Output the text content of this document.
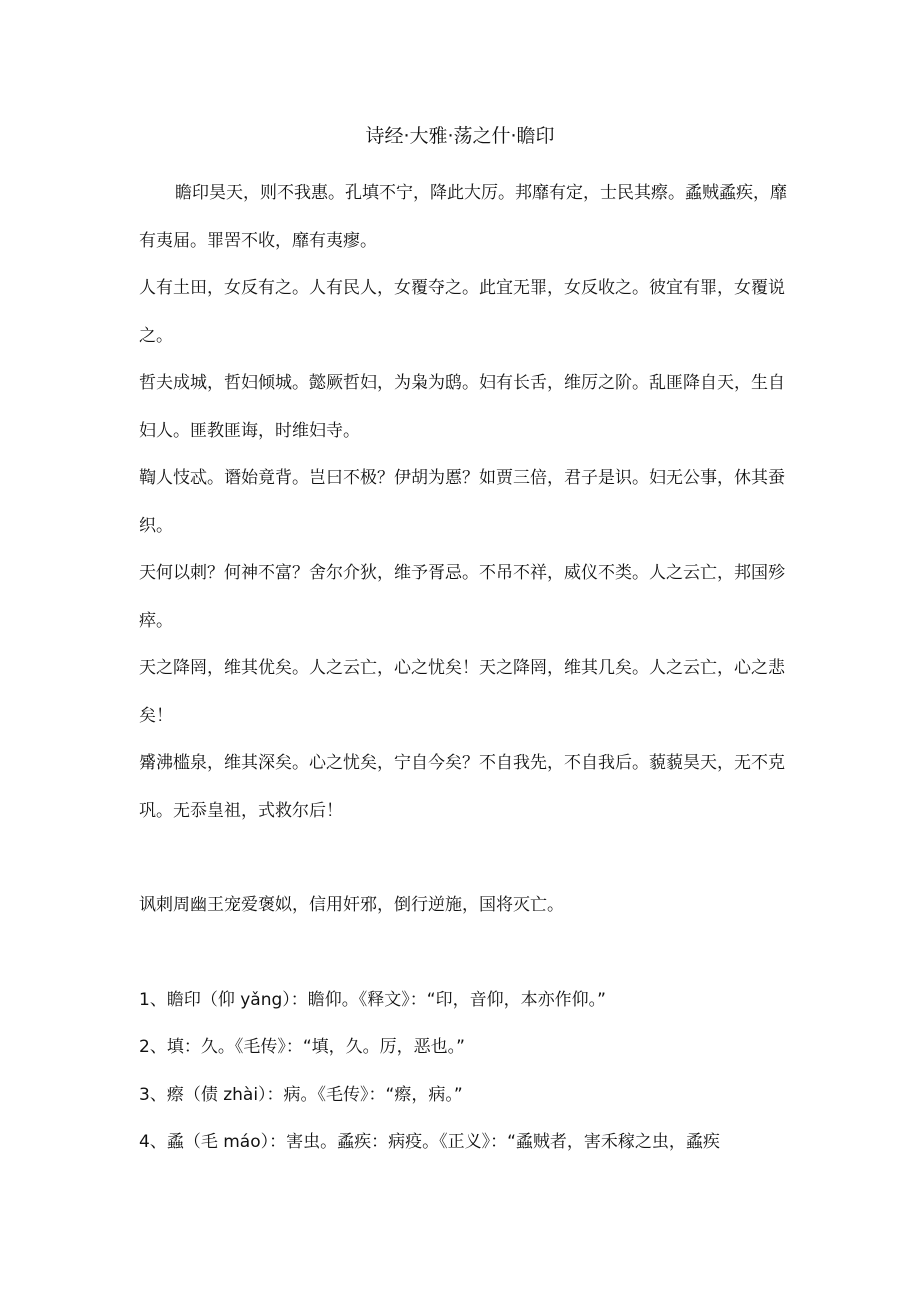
诗经·大雅·荡之什·瞻印

瞻印昊天，则不我惠。孔填不宁，降此大厉。邦靡有定，士民其瘵。蟊贼蟊疾，靡有夷届。罪罟不收，靡有夷瘳。

人有土田，女反有之。人有民人，女覆夺之。此宜无罪，女反收之。彼宜有罪，女覆说之。

哲夫成城，哲妇倾城。懿厥哲妇，为枭为鸱。妇有长舌，维厉之阶。乱匪降自天，生自妇人。匪教匪诲，时维妇寺。

鞫人忮忒。谮始竟背。岂曰不极？伊胡为慝？如贾三倍，君子是识。妇无公事，休其蚕织。

天何以刺？何神不富？舍尔介狄，维予胥忌。不吊不祥，威仪不类。人之云亡，邦国殄瘁。

天之降罔，维其优矣。人之云亡，心之忧矣！天之降罔，维其几矣。人之云亡，心之悲矣！

觱沸槛泉，维其深矣。心之忧矣，宁自今矣？不自我先，不自我后。藐藐昊天，无不克巩。无忝皇祖，式救尔后！

讽刺周幽王宠爱褒姒，信用奸邪，倒行逆施，国将灭亡。

1、瞻印（仰 yǎng）：瞻仰。《释文》：“印，音仰，本亦作仰。”

2、填：久。《毛传》：“填，久。厉，恶也。”

3、瘵（债 zhài）：病。《毛传》：“瘵，病。”

4、蟊（毛 máo）：害虫。蟊疾：病疫。《正义》：“蟊贼者，害禾稼之虫，蟊疾
